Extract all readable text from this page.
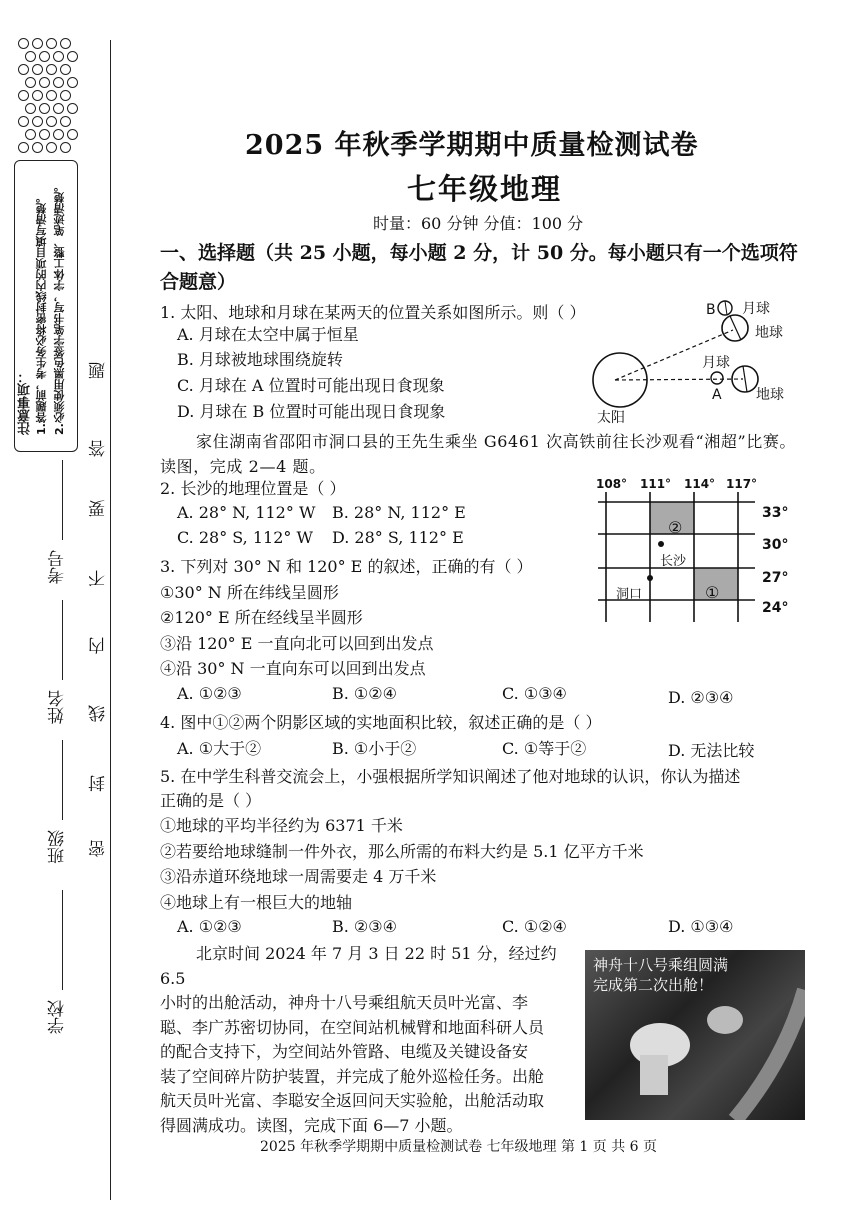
注意事项： 1.答题前，考生务必将密封线内的项目填写清楚。 2.必须使用黑色签字笔书写，字体工整、笔迹清楚。
考号
姓名
班级
学校
题
答
要
不
内
线
封
密
2025 年秋季学期期中质量检测试卷
七年级地理
时量：60 分钟 分值：100 分
一、选择题（共 25 小题，每小题 2 分，计 50 分。每小题只有一个选项符合题意）
1. 太阳、地球和月球在某两天的位置关系如图所示。则（ ）
A. 月球在太空中属于恒星
B. 月球被地球围绕旋转
C. 月球在 A 位置时可能出现日食现象
D. 月球在 B 位置时可能出现日食现象	太阳
地球
地球
月球
月球
A
B
家住湖南省邵阳市洞口县的王先生乘坐 G6461 次高铁前往长沙观看“湘超”比赛。读图，完成 2—4 题。
2. 长沙的地理位置是（ ）
A. 28° N, 112° W B. 28° N, 112° E
C. 28° S, 112° W D. 28° S, 112° E
108° 111° 114° 117°
33°
30°
27°
24°
②
①
长沙
洞口
3. 下列对 30° N 和 120° E 的叙述，正确的有（ ）
①30° N 所在纬线呈圆形
②120° E 所在经线呈半圆形
③沿 120° E 一直向北可以回到出发点
④沿 30° N 一直向东可以回到出发点
A. ①②③	B. ①②④	C. ①③④	D. ②③④
4. 图中①②两个阴影区域的实地面积比较，叙述正确的是（ ）
A. ①大于②	B. ①小于②	C. ①等于②	D. 无法比较
5. 在中学生科普交流会上，小强根据所学知识阐述了他对地球的认识，你认为描述
正确的是（ ）
①地球的平均半径约为 6371 千米
②若要给地球缝制一件外衣，那么所需的布料大约是 5.1 亿平方千米
③沿赤道环绕地球一周需要走 4 万千米
④地球上有一根巨大的地轴
A. ①②③	B. ②③④	C. ①②④	D. ①③④
北京时间 2024 年 7 月 3 日 22 时 51 分，经过约 6.5
小时的出舱活动，神舟十八号乘组航天员叶光富、李
聪、李广苏密切协同，在空间站机械臂和地面科研人员
的配合支持下，为空间站外管路、电缆及关键设备安
装了空间碎片防护装置，并完成了舱外巡检任务。出舱
航天员叶光富、李聪安全返回问天实验舱，出舱活动取
得圆满成功。读图，完成下面 6—7 小题。
神舟十八号乘组圆满
完成第二次出舱！
2025 年秋季学期期中质量检测试卷 七年级地理 第 1 页 共 6 页
